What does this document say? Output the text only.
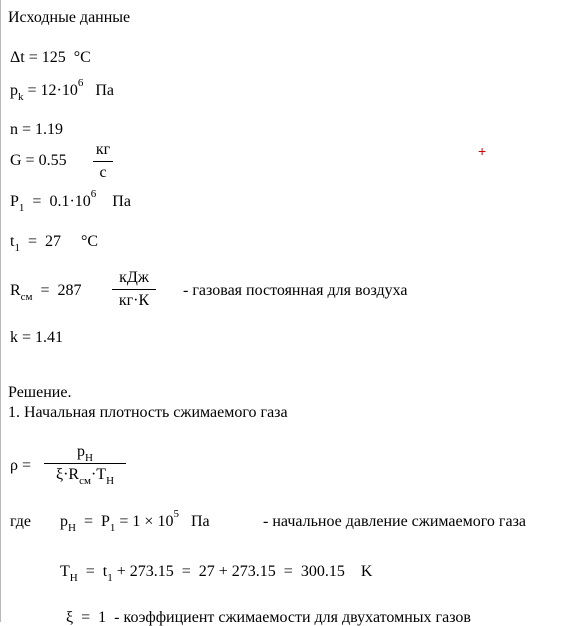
Исходные данные
Δt = 125 °C
$p_k = 12\cdot 10^6$ Па
n = 1.19
G = 0.55
кг
с
+
$P_1 = 0.1\cdot 10^6$ Па
$t_1 = 27$ °C
$R_{см} = 287$
кДж
кг·К
- газовая постоянная для воздуха
k = 1.41
Решение.
1. Начальная плотность сжимаемого газа
ρ =
$p_Н$
$\xi\cdot R_{см}\cdot T_Н$
где $p_Н = P_1 = 1 \times 10^5$ Па	- начальное давление сжимаемого газа
$T_Н = t_1 + 273.15 = 27 + 273.15 = 300.15$ K
ξ  =  1 - коэффициент сжимаемости для двухатомных газов
